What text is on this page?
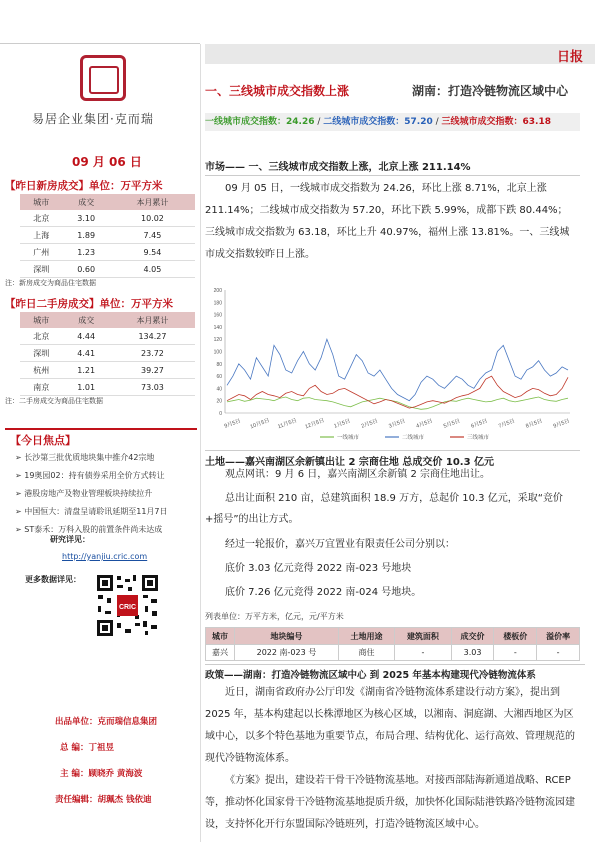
日报
易居企业集团·克而瑞
09 月 06 日
【昨日新房成交】单位：万平方米
城市	成交	本月累计
北京	3.10	10.02
上海	1.89	7.45
广州	1.23	9.54
深圳	0.60	4.05
注：新房成交为商品住宅数据
【昨日二手房成交】单位：万平方米
城市	成交	本月累计
北京	4.44	134.27
深圳	4.41	23.72
杭州	1.21	39.27
南京	1.01	73.03
注：二手房成交为商品住宅数据
【今日焦点】
➢ 长沙第三批优质地块集中推介42宗地
➢ 19奥园02：持有债券采用全价方式转让
➢ 港股房地产及物业管理板块持续拉升
➢ 中国恒大：清盘呈请聆讯延期至11月7日
➢ ST泰禾：万科入股的前置条件尚未达成
研究详见：
http://yanjiu.cric.com
更多数据详见：
CRIC
出品单位：克而瑞信息集团
总 编：丁祖昱
主 编：顾晓乔 黄海波
责任编辑：胡珮杰 钱依迪
一、三线城市成交指数上涨	湖南：打造冷链物流区域中心
一线城市成交指数：24.26 / 二线城市成交指数：57.20 / 三线城市成交指数：63.18
市场—— 一、三线城市成交指数上涨，北京上涨 211.14%
09 月 05 日，一线城市成交指数为 24.26，环比上涨 8.71%，北京上涨 211.14%；二线城市成交指数为 57.20，环比下跌 5.99%，成都下跌 80.44%；三线城市成交指数为 63.18，环比上升 40.97%，福州上涨 13.81%。一、三线城市成交指数较昨日上涨。
0
20
40
60
80
100
120
140
160
180
200
9月5日 10月5日 11月5日 12月5日 1月5日 2月5日 3月5日 4月5日 5月5日 6月5日 7月5日 8月5日 9月5日
一线城市	二线城市	三线城市
土地——嘉兴南湖区余新镇出让 2 宗商住地 总成交价 10.3 亿元
观点网讯：9 月 6 日，嘉兴南湖区余新镇 2 宗商住地出让。
总出让面积 210 亩，总建筑面积 18.9 万方，总起价 10.3 亿元，采取“竞价+摇号”的出让方式。
经过一轮报价，嘉兴万宜置业有限责任公司分别以：
底价 3.03 亿元竞得 2022 南-023 号地块
底价 7.26 亿元竞得 2022 南-024 号地块。
列表单位：万平方米，亿元，元/平方米
城市	地块编号	土地用途	建筑面积	成交价	楼板价	溢价率
嘉兴	2022 南-023 号	商住	-	3.03	-	-
政策——湖南：打造冷链物流区域中心 到 2025 年基本构建现代冷链物流体系
近日，湖南省政府办公厅印发《湖南省冷链物流体系建设行动方案》，提出到 2025 年，基本构建起以长株潭地区为核心区域，以湘南、洞庭湖、大湘西地区为区域中心，以多个特色基地为重要节点，布局合理、结构优化、运行高效、管理规范的现代冷链物流体系。
《方案》提出，建设若干骨干冷链物流基地。对接西部陆海新通道战略、RCEP 等，推动怀化国家骨干冷链物流基地提质升级，加快怀化国际陆港铁路冷链物流园建设，支持怀化开行东盟国际冷链班列，打造冷链物流区域中心。
